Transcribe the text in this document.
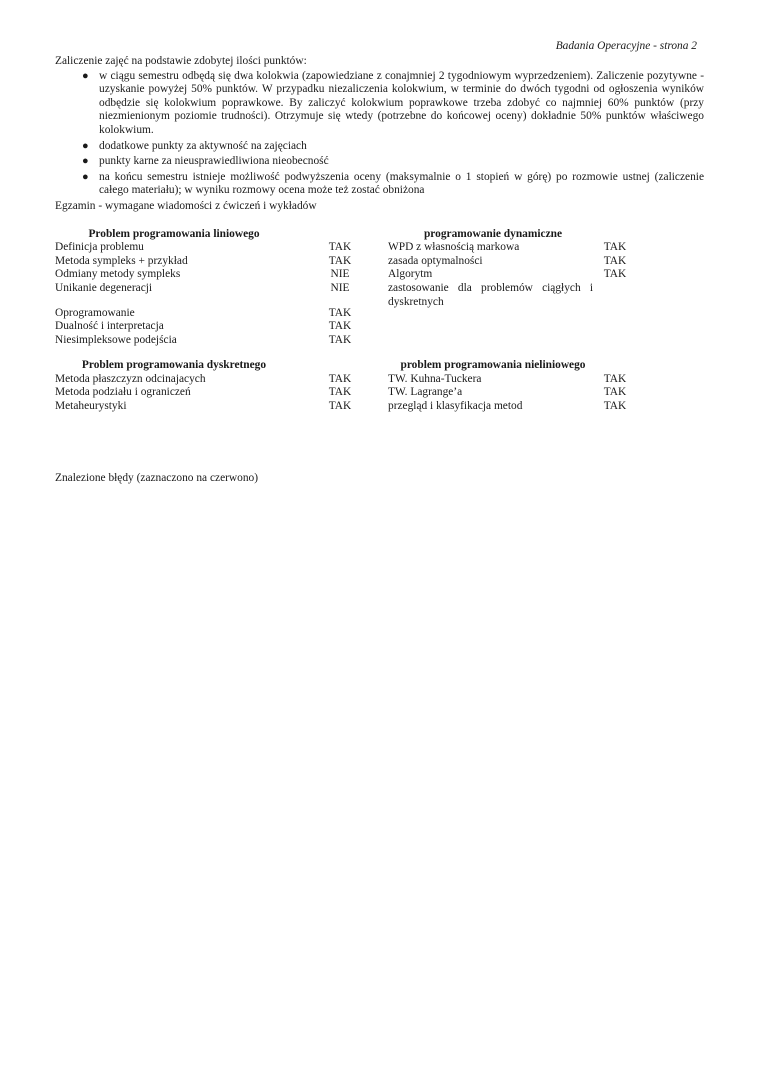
Badania Operacyjne - strona 2

Zaliczenie zajęć na podstawie zdobytej ilości punktów:

● w ciągu semestru odbędą się dwa kolokwia (zapowiedziane z conajmniej 2 tygodniowym wyprzedzeniem). Zaliczenie pozytywne - uzyskanie powyżej 50% punktów. W przypadku niezaliczenia kolokwium, w terminie do dwóch tygodni od ogłoszenia wyników odbędzie się kolokwium poprawkowe. By zaliczyć kolokwium poprawkowe trzeba zdobyć co najmniej 60% punktów (przy niezmienionym poziomie trudności). Otrzymuje się wtedy (potrzebne do końcowej oceny) dokładnie 50% punktów właściwego kolokwium.
● dodatkowe punkty za aktywność na zajęciach
● punkty karne za nieusprawiedliwiona nieobecność
● na końcu semestru istnieje możliwość podwyższenia oceny (maksymalnie o 1 stopień w górę) po rozmowie ustnej (zaliczenie całego materiału); w wyniku rozmowy ocena może też zostać obniżona

Egzamin - wymagane wiadomości z ćwiczeń i wykładów

Problem programowania liniowego
Definicja problemu	TAK
Metoda sympleks + przykład	TAK
Odmiany metody sympleks	NIE
Unikanie degeneracji	NIE
Oprogramowanie	TAK
Dualność i interpretacja	TAK
Niesimpleksowe podejścia	TAK
programowanie dynamiczne
WPD z własnością markowa	TAK
zasada optymalności	TAK
Algorytm	TAK
zastosowanie dla problemów ciągłych i dyskretnych
Problem programowania dyskretnego
Metoda płaszczyzn odcinajacych	TAK
Metoda podziału i ograniczeń	TAK
Metaheurystyki	TAK
problem programowania nieliniowego
TW. Kuhna-Tuckera	TAK
TW. Lagrange’a	TAK
przegląd i klasyfikacja metod	TAK

Znalezione błędy (zaznaczono na czerwono)
